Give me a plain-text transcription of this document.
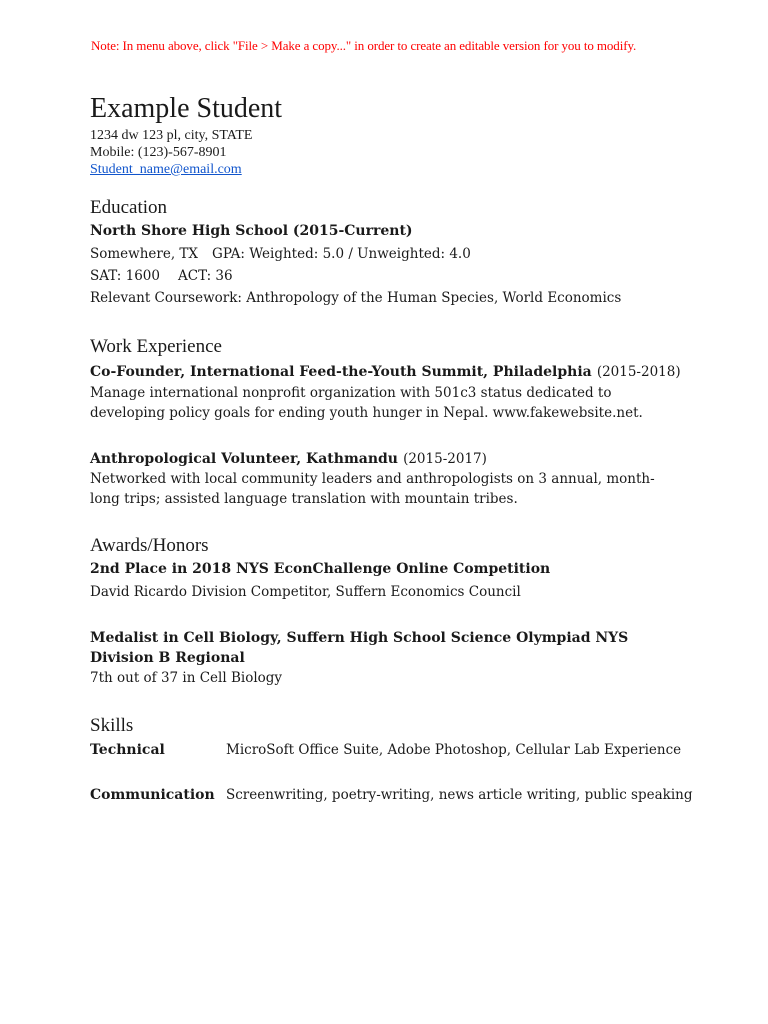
Note: In menu above, click "File > Make a copy..." in order to create an editable version for you to modify.
Example Student
1234 dw 123 pl, city, STATE
Mobile: (123)-567-8901
Student_name@email.com
Education
North Shore High School (2015-Current)
Somewhere, TX GPA: Weighted: 5.0 / Unweighted: 4.0
SAT: 1600 ACT: 36
Relevant Coursework: Anthropology of the Human Species, World Economics
Work Experience
Co-Founder, International Feed-the-Youth Summit, Philadelphia (2015-2018)
Manage international nonprofit organization with 501c3 status dedicated to developing policy goals for ending youth hunger in Nepal. www.fakewebsite.net.
Anthropological Volunteer, Kathmandu (2015-2017)
Networked with local community leaders and anthropologists on 3 annual, month-long trips; assisted language translation with mountain tribes.
Awards/Honors
2nd Place in 2018 NYS EconChallenge Online Competition
David Ricardo Division Competitor, Suffern Economics Council
Medalist in Cell Biology, Suffern High School Science Olympiad NYS Division B Regional
7th out of 37 in Cell Biology
Skills
Technical	MicroSoft Office Suite, Adobe Photoshop, Cellular Lab Experience
Communication Screenwriting, poetry-writing, news article writing, public speaking
